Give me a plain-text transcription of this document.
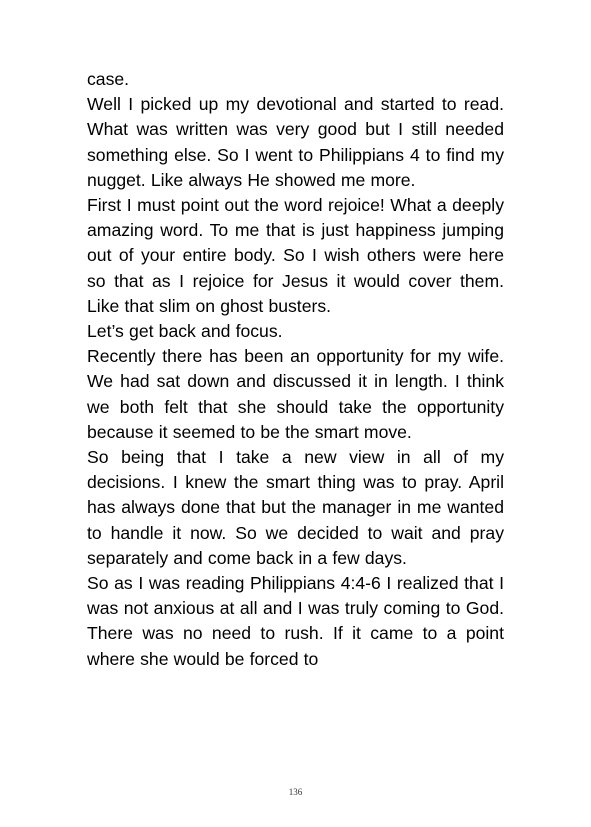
case.

Well I picked up my devotional and started to read. What was written was very good but I still needed something else. So I went to Philippians 4 to find my nugget. Like always He showed me more.

First I must point out the word rejoice! What a deeply amazing word. To me that is just happiness jumping out of your entire body. So I wish others were here so that as I rejoice for Jesus it would cover them. Like that slim on ghost busters.

Let’s get back and focus.

Recently there has been an opportunity for my wife. We had sat down and discussed it in length. I think we both felt that she should take the opportunity because it seemed to be the smart move.

So being that I take a new view in all of my decisions. I knew the smart thing was to pray. April has always done that but the manager in me wanted to handle it now. So we decided to wait and pray separately and come back in a few days.

So as I was reading Philippians 4:4-6 I realized that I was not anxious at all and I was truly coming to God. There was no need to rush. If it came to a point where she would be forced to

136
